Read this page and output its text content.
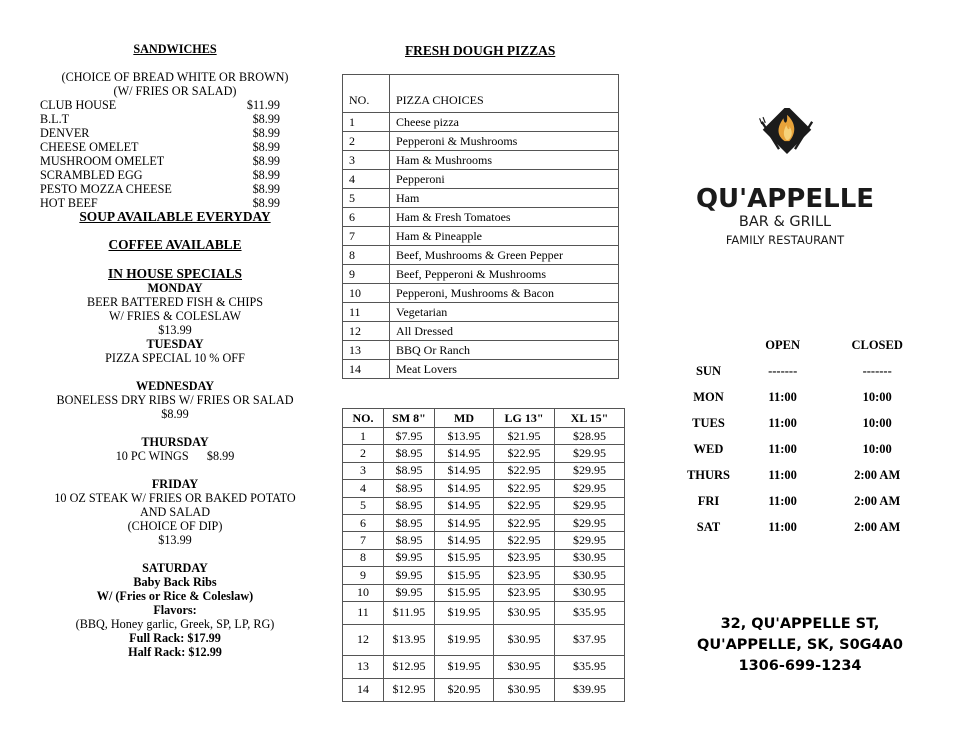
SANDWICHES
(CHOICE OF BREAD WHITE OR BROWN)
(W/ FRIES OR SALAD)
CLUB HOUSE	$11.99
B.L.T	$8.99
DENVER	$8.99
CHEESE OMELET	$8.99
MUSHROOM OMELET	$8.99
SCRAMBLED EGG	$8.99
PESTO MOZZA CHEESE	$8.99
HOT BEEF	$8.99
SOUP AVAILABLE EVERYDAY
COFFEE AVAILABLE
IN HOUSE SPECIALS
MONDAY
BEER BATTERED FISH & CHIPS
W/ FRIES & COLESLAW
$13.99
TUESDAY
PIZZA SPECIAL 10 % OFF
WEDNESDAY
BONELESS DRY RIBS W/ FRIES OR SALAD
$8.99
THURSDAY
10 PC WINGS $8.99
FRIDAY
10 OZ STEAK W/ FRIES OR BAKED POTATO
AND SALAD
(CHOICE OF DIP)
$13.99
SATURDAY
Baby Back Ribs
W/ (Fries or Rice & Coleslaw)
Flavors:
(BBQ, Honey garlic, Greek, SP, LP, RG)
Full Rack: $17.99
Half Rack: $12.99
FRESH DOUGH PIZZAS
NO.	PIZZA CHOICES
1	Cheese pizza
2	Pepperoni & Mushrooms
3	Ham & Mushrooms
4	Pepperoni
5	Ham
6	Ham & Fresh Tomatoes
7	Ham & Pineapple
8	Beef, Mushrooms & Green Pepper
9	Beef, Pepperoni & Mushrooms
10	Pepperoni, Mushrooms & Bacon
11	Vegetarian
12	All Dressed
13	BBQ Or Ranch
14	Meat Lovers
NO.	SM 8"	MD	LG 13"	XL 15"
1	$7.95	$13.95	$21.95	$28.95
2	$8.95	$14.95	$22.95	$29.95
3	$8.95	$14.95	$22.95	$29.95
4	$8.95	$14.95	$22.95	$29.95
5	$8.95	$14.95	$22.95	$29.95
6	$8.95	$14.95	$22.95	$29.95
7	$8.95	$14.95	$22.95	$29.95
8	$9.95	$15.95	$23.95	$30.95
9	$9.95	$15.95	$23.95	$30.95
10	$9.95	$15.95	$23.95	$30.95
11	$11.95	$19.95	$30.95	$35.95
12	$13.95	$19.95	$30.95	$37.95
13	$12.95	$19.95	$30.95	$35.95
14	$12.95	$20.95	$30.95	$39.95
QU'APPELLE
BAR & GRILL
FAMILY RESTAURANT
	OPEN	CLOSED
SUN	-------	-------
MON	11:00	10:00
TUES	11:00	10:00
WED	11:00	10:00
THURS	11:00	2:00 AM
FRI	11:00	2:00 AM
SAT	11:00	2:00 AM
32, QU'APPELLE ST,
QU'APPELLE, SK, S0G4A0
1306-699-1234
